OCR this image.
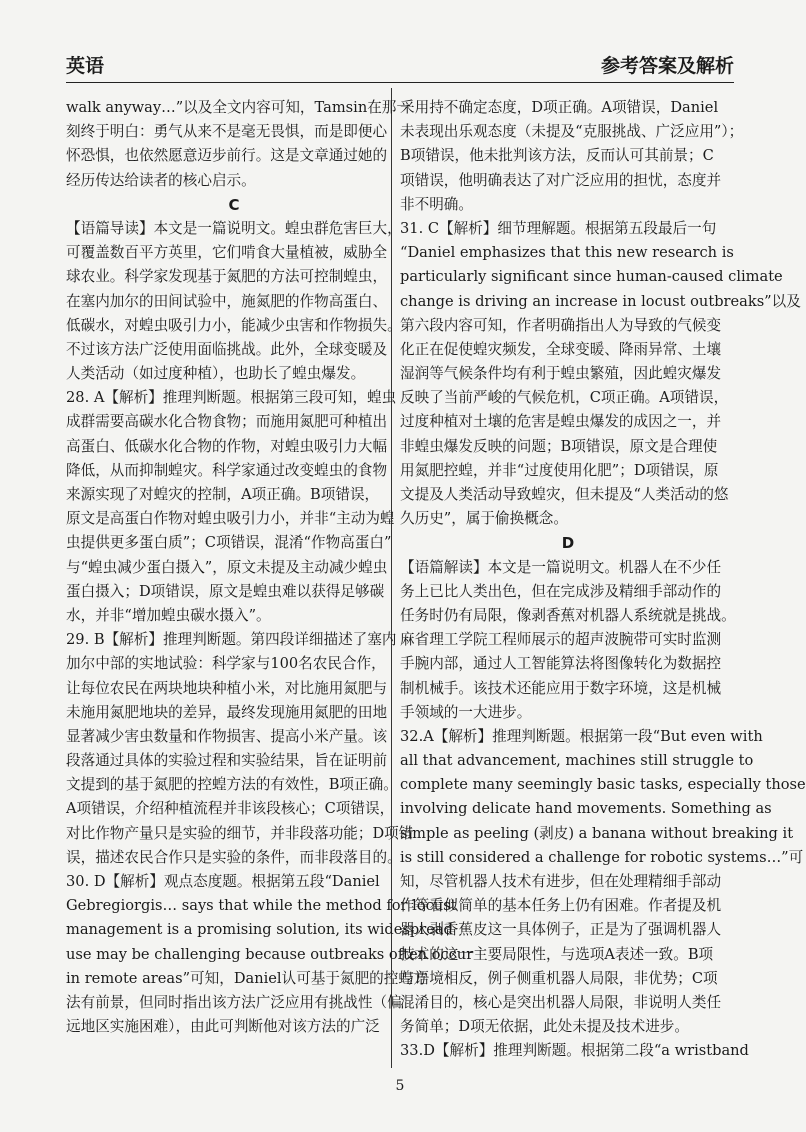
英语	参考答案及解析
walk anyway…”以及全文内容可知，Tamsin在那一
刻终于明白：勇气从来不是毫无畏惧，而是即便心
怀恐惧，也依然愿意迈步前行。这是文章通过她的
经历传达给读者的核心启示。
C
【语篇导读】本文是一篇说明文。蝗虫群危害巨大，
可覆盖数百平方英里，它们啃食大量植被，威胁全
球农业。科学家发现基于氮肥的方法可控制蝗虫，
在塞内加尔的田间试验中，施氮肥的作物高蛋白、
低碳水，对蝗虫吸引力小，能减少虫害和作物损失。
不过该方法广泛使用面临挑战。此外，全球变暖及
人类活动（如过度种植），也助长了蝗虫爆发。
28. A【解析】推理判断题。根据第三段可知，蝗虫
成群需要高碳水化合物食物；而施用氮肥可种植出
高蛋白、低碳水化合物的作物，对蝗虫吸引力大幅
降低，从而抑制蝗灾。科学家通过改变蝗虫的食物
来源实现了对蝗灾的控制，A项正确。B项错误，
原文是高蛋白作物对蝗虫吸引力小，并非“主动为蝗
虫提供更多蛋白质”；C项错误，混淆“作物高蛋白”
与“蝗虫减少蛋白摄入”，原文未提及主动减少蝗虫
蛋白摄入；D项错误，原文是蝗虫难以获得足够碳
水，并非“增加蝗虫碳水摄入”。
29. B【解析】推理判断题。第四段详细描述了塞内
加尔中部的实地试验：科学家与100名农民合作，
让每位农民在两块地块种植小米，对比施用氮肥与
未施用氮肥地块的差异，最终发现施用氮肥的田地
显著减少害虫数量和作物损害、提高小米产量。该
段落通过具体的实验过程和实验结果，旨在证明前
文提到的基于氮肥的控蝗方法的有效性，B项正确。
A项错误，介绍种植流程并非该段核心；C项错误，
对比作物产量只是实验的细节，并非段落功能；D项错
误，描述农民合作只是实验的条件，而非段落目的。
30. D【解析】观点态度题。根据第五段“Daniel
Gebregiorgis… says that while the method for locust
management is a promising solution, its widespread
use may be challenging because outbreaks often occur
in remote areas”可知，Daniel认可基于氮肥的控蝗方
法有前景，但同时指出该方法广泛应用有挑战性（偏
远地区实施困难），由此可判断他对该方法的广泛
采用持不确定态度，D项正确。A项错误，Daniel
未表现出乐观态度（未提及“克服挑战、广泛应用”）；
B项错误，他未批判该方法，反而认可其前景；C
项错误，他明确表达了对广泛应用的担忧，态度并
非不明确。
31. C【解析】细节理解题。根据第五段最后一句
“Daniel emphasizes that this new research is
particularly significant since human-caused climate
change is driving an increase in locust outbreaks”以及
第六段内容可知，作者明确指出人为导致的气候变
化正在促使蝗灾频发，全球变暖、降雨异常、土壤
湿润等气候条件均有利于蝗虫繁殖，因此蝗灾爆发
反映了当前严峻的气候危机，C项正确。A项错误，
过度种植对土壤的危害是蝗虫爆发的成因之一，并
非蝗虫爆发反映的问题；B项错误，原文是合理使
用氮肥控蝗，并非“过度使用化肥”；D项错误，原
文提及人类活动导致蝗灾，但未提及“人类活动的悠
久历史”，属于偷换概念。
D
【语篇解读】本文是一篇说明文。机器人在不少任
务上已比人类出色，但在完成涉及精细手部动作的
任务时仍有局限，像剥香蕉对机器人系统就是挑战。
麻省理工学院工程师展示的超声波腕带可实时监测
手腕内部，通过人工智能算法将图像转化为数据控
制机械手。该技术还能应用于数字环境，这是机械
手领域的一大进步。
32.A【解析】推理判断题。根据第一段“But even with
all that advancement, machines still struggle to
complete many seemingly basic tasks, especially those
involving delicate hand movements. Something as
simple as peeling (剥皮) a banana without breaking it
is still considered a challenge for robotic systems…”可
知，尽管机器人技术有进步，但在处理精细手部动
作等看似简单的基本任务上仍有困难。作者提及机
器人剥香蕉皮这一具体例子，正是为了强调机器人
技术的这一主要局限性，与选项A表述一致。B项
与语境相反，例子侧重机器人局限，非优势；C项
混淆目的，核心是突出机器人局限，非说明人类任
务简单；D项无依据，此处未提及技术进步。
33.D【解析】推理判断题。根据第二段“a wristband
5
